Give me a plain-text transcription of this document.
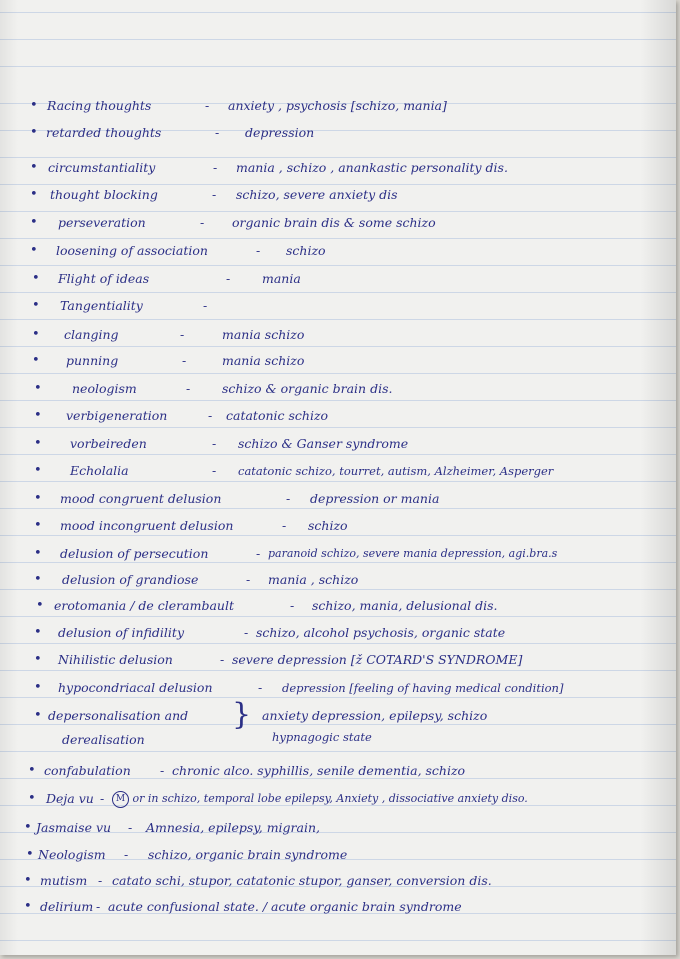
• Racing thoughts	- anxiety , psychosis [schizo, mania]
• retarded thoughts	- depression
• circumstantiality	- mania , schizo , anankastic personality dis.
• thought blocking	- schizo, severe anxiety dis
• perseveration	- organic brain dis & some schizo
• loosening of association	- schizo
• Flight of ideas	-	mania
• Tangentiality	-
• clanging	-	mania schizo
• punning	-	mania schizo
• neologism	-	schizo & organic brain dis.
• verbigeneration	- catatonic schizo
• vorbeireden	- schizo & Ganser syndrome
• Echolalia	- catatonic schizo, tourret, autism, Alzheimer, Asperger
• mood congruent delusion	- depression or mania
• mood incongruent delusion	- schizo
• delusion of persecution	- paranoid schizo, severe mania depression, agi.bra.s
• delusion of grandiose	- mania , schizo
• erotomania / de clerambault	- schizo, mania, delusional dis.
• delusion of infidility	- schizo, alcohol psychosis, organic state
• Nihilistic delusion	- severe depression [ž COTARD'S SYNDROME]
• hypocondriacal delusion	- depression [feeling of having medical condition]
• depersonalisation and	anxiety depression, epilepsy, schizo
}
derealisation	hypnagogic state
• confabulation - chronic alco. syphillis, senile dementia, schizo
• Deja vu -	M or in schizo, temporal lobe epilepsy, Anxiety , dissociative anxiety diso.
• Jasmaise vu - Amnesia, epilepsy, migrain,
• Neologism - schizo, organic brain syndrome
• mutism - catato schi, stupor, catatonic stupor, ganser, conversion dis.
• delirium - acute confusional state. / acute organic brain syndrome
